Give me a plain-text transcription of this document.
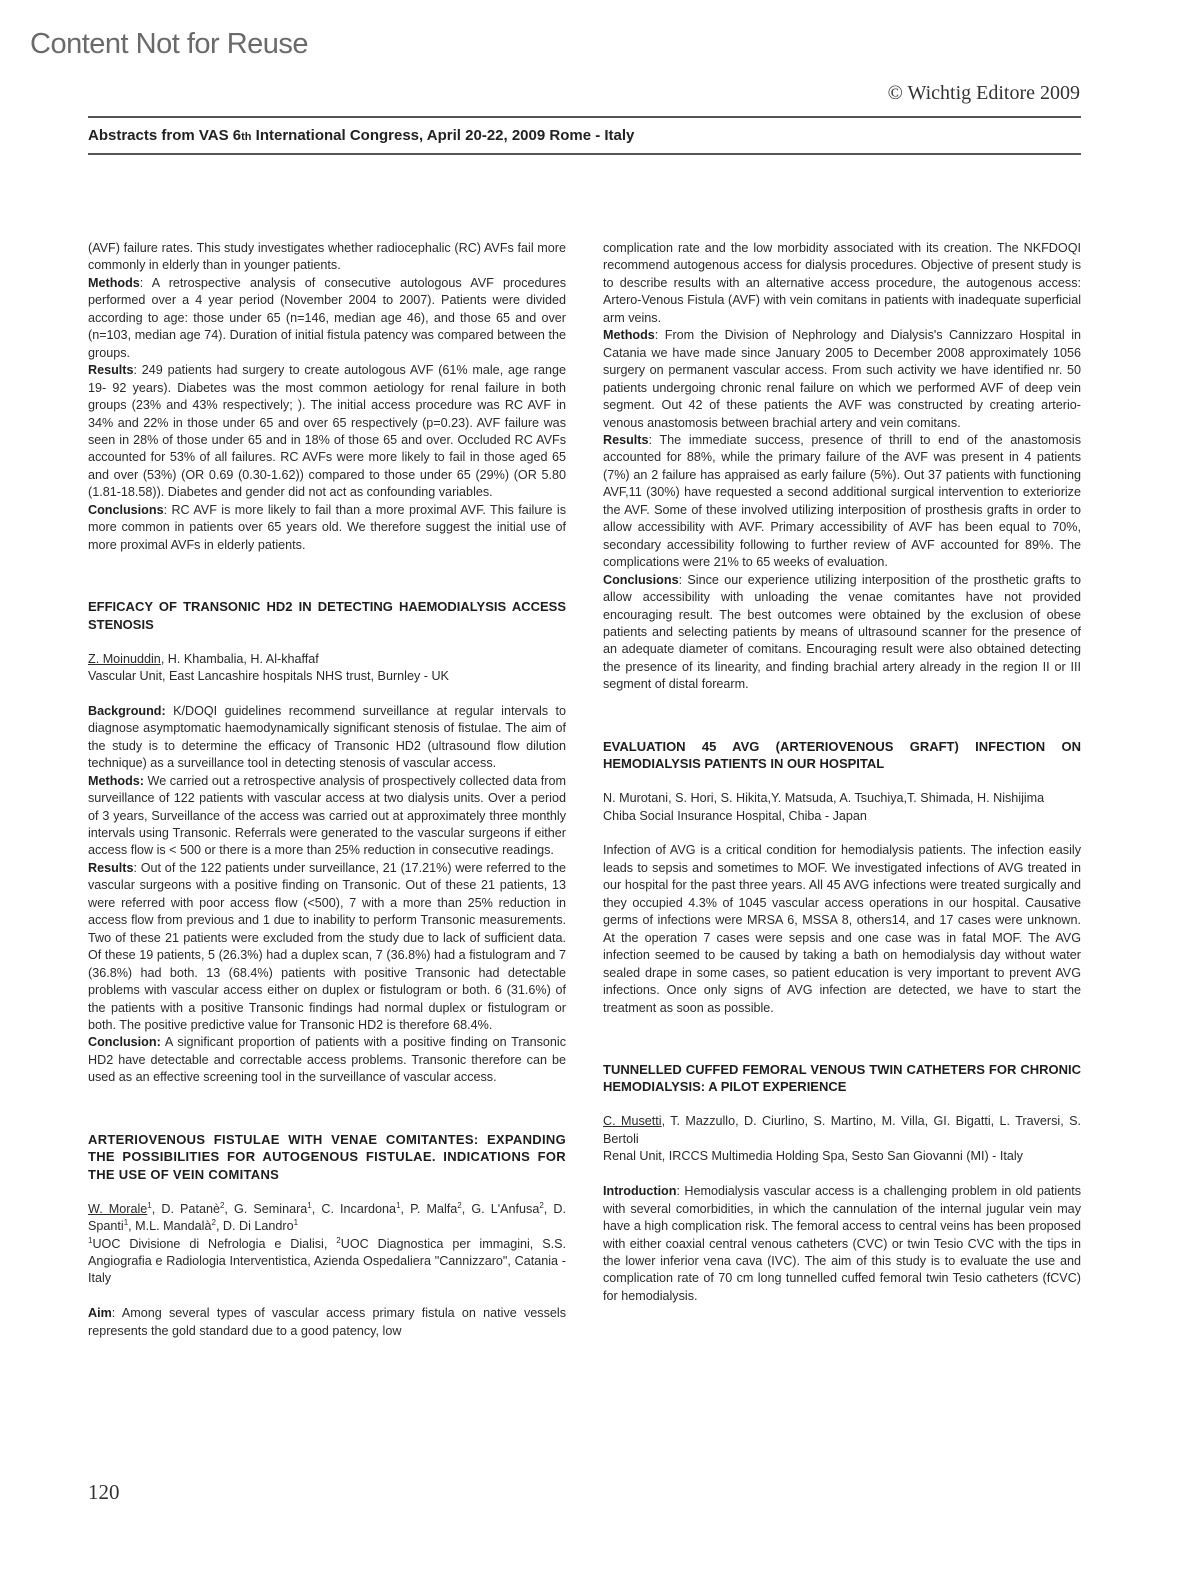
Content Not for Reuse
© Wichtig Editore 2009
Abstracts from VAS 6th International Congress, April 20-22, 2009 Rome - Italy

(AVF) failure rates. This study investigates whether radiocephalic (RC) AVFs fail more commonly in elderly than in younger patients.

Methods: A retrospective analysis of consecutive autologous AVF procedures performed over a 4 year period (November 2004 to 2007). Patients were divided according to age: those under 65 (n=146, median age 46), and those 65 and over (n=103, median age 74). Duration of initial fistula patency was compared between the groups.

Results: 249 patients had surgery to create autologous AVF (61% male, age range 19- 92 years). Diabetes was the most common aetiology for renal failure in both groups (23% and 43% respectively; ). The initial access procedure was RC AVF in 34% and 22% in those under 65 and over 65 respectively (p=0.23). AVF failure was seen in 28% of those under 65 and in 18% of those 65 and over. Occluded RC AVFs accounted for 53% of all failures. RC AVFs were more likely to fail in those aged 65 and over (53%) (OR 0.69 (0.30-1.62)) compared to those under 65 (29%) (OR 5.80 (1.81-18.58)). Diabetes and gender did not act as confounding variables.

Conclusions: RC AVF is more likely to fail than a more proximal AVF. This failure is more common in patients over 65 years old. We therefore suggest the initial use of more proximal AVFs in elderly patients.

EFFICACY OF TRANSONIC HD2 IN DETECTING HAEMODIALYSIS ACCESS STENOSIS

Z. Moinuddin, H. Khambalia, H. Al-khaffaf

Vascular Unit, East Lancashire hospitals NHS trust, Burnley - UK

Background: K/DOQI guidelines recommend surveillance at regular intervals to diagnose asymptomatic haemodynamically significant stenosis of fistulae. The aim of the study is to determine the efficacy of Transonic HD2 (ultrasound flow dilution technique) as a surveillance tool in detecting stenosis of vascular access.

Methods: We carried out a retrospective analysis of prospectively collected data from surveillance of 122 patients with vascular access at two dialysis units. Over a period of 3 years, Surveillance of the access was carried out at approximately three monthly intervals using Transonic. Referrals were generated to the vascular surgeons if either access flow is < 500 or there is a more than 25% reduction in consecutive readings.

Results: Out of the 122 patients under surveillance, 21 (17.21%) were referred to the vascular surgeons with a positive finding on Transonic. Out of these 21 patients, 13 were referred with poor access flow (<500), 7 with a more than 25% reduction in access flow from previous and 1 due to inability to perform Transonic measurements. Two of these 21 patients were excluded from the study due to lack of sufficient data. Of these 19 patients, 5 (26.3%) had a duplex scan, 7 (36.8%) had a fistulogram and 7 (36.8%) had both. 13 (68.4%) patients with positive Transonic had detectable problems with vascular access either on duplex or fistulogram or both. 6 (31.6%) of the patients with a positive Transonic findings had normal duplex or fistulogram or both. The positive predictive value for Transonic HD2 is therefore 68.4%.

Conclusion: A significant proportion of patients with a positive finding on Transonic HD2 have detectable and correctable access problems. Transonic therefore can be used as an effective screening tool in the surveillance of vascular access.

ARTERIOVENOUS FISTULAE WITH VENAE COMITANTES: EXPANDING THE POSSIBILITIES FOR AUTOGENOUS FISTULAE. INDICATIONS FOR THE USE OF VEIN COMITANS

W. Morale$^1$, D. Patanè$^2$, G. Seminara$^1$, C. Incardona$^1$, P. Malfa$^2$, G. L'Anfusa$^2$, D. Spanti$^1$, M.L. Mandalà$^2$, D. Di Landro$^1$

$^1$UOC Divisione di Nefrologia e Dialisi, $^2$UOC Diagnostica per immagini, S.S. Angiografia e Radiologia Interventistica, Azienda Ospedaliera "Cannizzaro", Catania - Italy

Aim: Among several types of vascular access primary fistula on native vessels represents the gold standard due to a good patency, low

complication rate and the low morbidity associated with its creation. The NKFDOQI recommend autogenous access for dialysis procedures. Objective of present study is to describe results with an alternative access procedure, the autogenous access: Artero-Venous Fistula (AVF) with vein comitans in patients with inadequate superficial arm veins.

Methods: From the Division of Nephrology and Dialysis's Cannizzaro Hospital in Catania we have made since January 2005 to December 2008 approximately 1056 surgery on permanent vascular access. From such activity we have identified nr. 50 patients undergoing chronic renal failure on which we performed AVF of deep vein segment. Out 42 of these patients the AVF was constructed by creating arterio-venous anastomosis between brachial artery and vein comitans.

Results: The immediate success, presence of thrill to end of the anastomosis accounted for 88%, while the primary failure of the AVF was present in 4 patients (7%) an 2 failure has appraised as early failure (5%). Out 37 patients with functioning AVF,11 (30%) have requested a second additional surgical intervention to exteriorize the AVF. Some of these involved utilizing interposition of prosthesis grafts in order to allow accessibility with AVF. Primary accessibility of AVF has been equal to 70%, secondary accessibility following to further review of AVF accounted for 89%. The complications were 21% to 65 weeks of evaluation.

Conclusions: Since our experience utilizing interposition of the prosthetic grafts to allow accessibility with unloading the venae comitantes have not provided encouraging result. The best outcomes were obtained by the exclusion of obese patients and selecting patients by means of ultrasound scanner for the presence of an adequate diameter of comitans. Encouraging result were also obtained detecting the presence of its linearity, and finding brachial artery already in the region II or III segment of distal forearm.

EVALUATION 45 AVG (ARTERIOVENOUS GRAFT) INFECTION ON HEMODIALYSIS PATIENTS IN OUR HOSPITAL

N. Murotani, S. Hori, S. Hikita,Y. Matsuda, A. Tsuchiya,T. Shimada, H. Nishijima

Chiba Social Insurance Hospital, Chiba - Japan

Infection of AVG is a critical condition for hemodialysis patients. The infection easily leads to sepsis and sometimes to MOF. We investigated infections of AVG treated in our hospital for the past three years. All 45 AVG infections were treated surgically and they occupied 4.3% of 1045 vascular access operations in our hospital. Causative germs of infections were MRSA 6, MSSA 8, others14, and 17 cases were unknown. At the operation 7 cases were sepsis and one case was in fatal MOF. The AVG infection seemed to be caused by taking a bath on hemodialysis day without water sealed drape in some cases, so patient education is very important to prevent AVG infections. Once only signs of AVG infection are detected, we have to start the treatment as soon as possible.

TUNNELLED CUFFED FEMORAL VENOUS TWIN CATHETERS FOR CHRONIC HEMODIALYSIS: A PILOT EXPERIENCE

C. Musetti, T. Mazzullo, D. Ciurlino, S. Martino, M. Villa, GI. Bigatti, L. Traversi, S. Bertoli

Renal Unit, IRCCS Multimedia Holding Spa, Sesto San Giovanni (MI) - Italy

Introduction: Hemodialysis vascular access is a challenging problem in old patients with several comorbidities, in which the cannulation of the internal jugular vein may have a high complication risk. The femoral access to central veins has been proposed with either coaxial central venous catheters (CVC) or twin Tesio CVC with the tips in the lower inferior vena cava (IVC). The aim of this study is to evaluate the use and complication rate of 70 cm long tunnelled cuffed femoral twin Tesio catheters (fCVC) for hemodialysis.

120
